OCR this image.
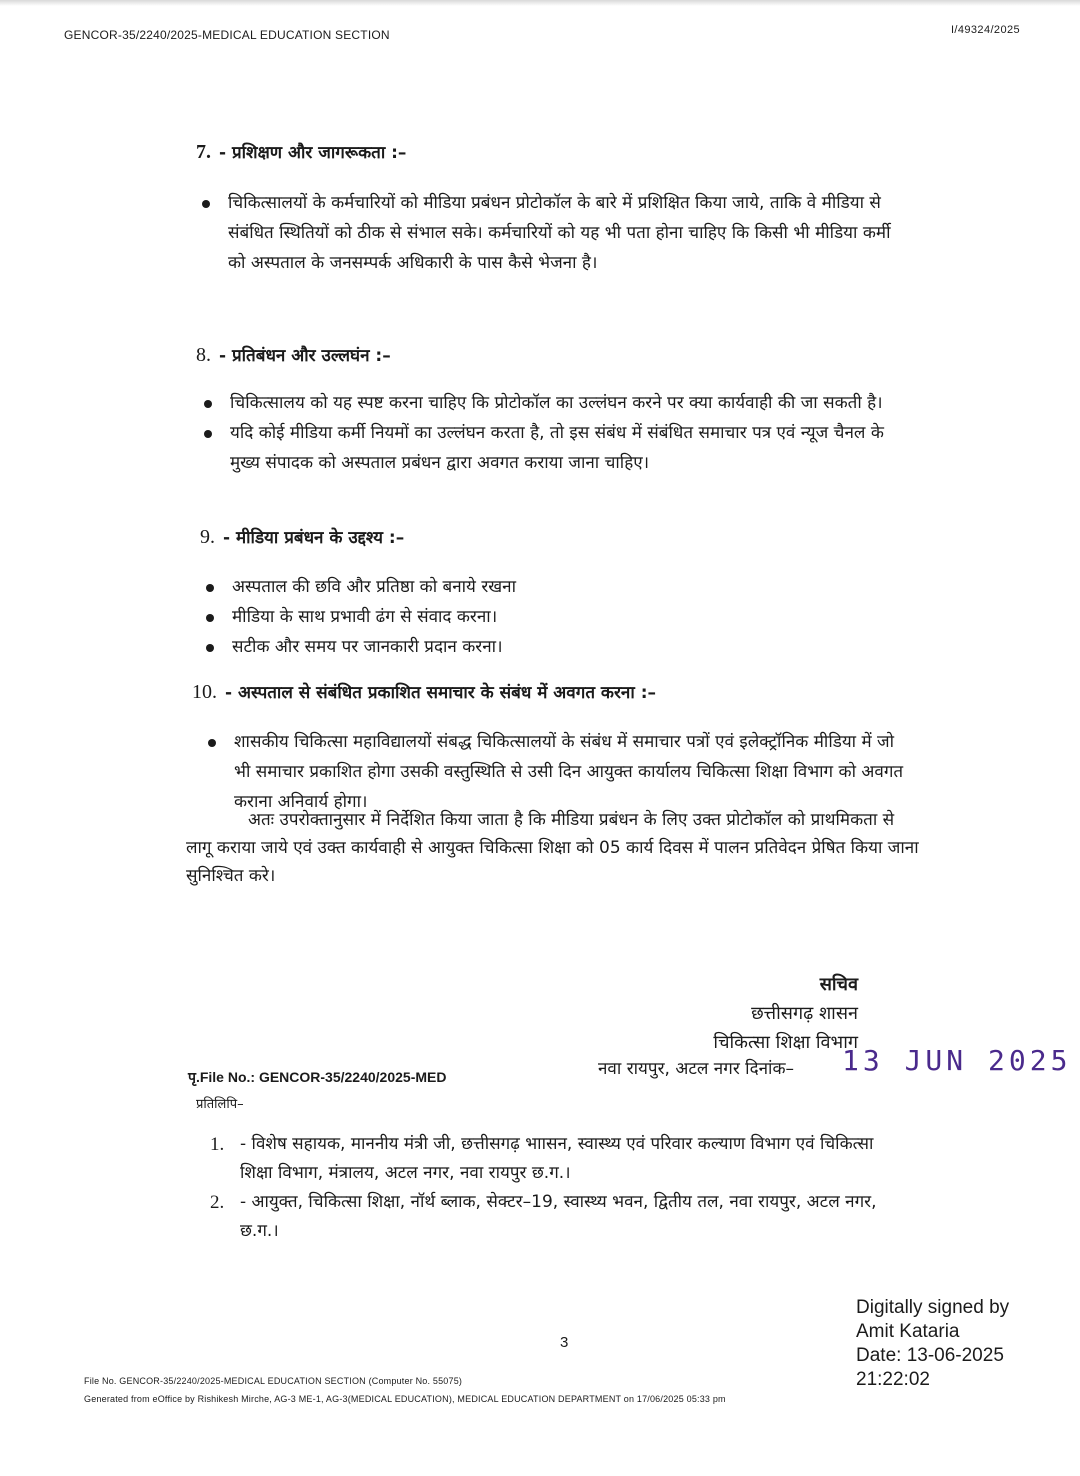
GENCOR-35/2240/2025-MEDICAL EDUCATION SECTION	I/49324/2025
7. - प्रशिक्षण और जागरूकता :–
चिकित्सालयों के कर्मचारियों को मीडिया प्रबंधन प्रोटोकॉल के बारे में प्रशिक्षित किया जाये, ताकि वे मीडिया से संबंधित स्थितियों को ठीक से संभाल सके। कर्मचारियों को यह भी पता होना चाहिए कि किसी भी मीडिया कर्मी को अस्पताल के जनसम्पर्क अधिकारी के पास कैसे भेजना है।
8. - प्रतिबंधन और उल्लघंन :–
चिकित्सालय को यह स्पष्ट करना चाहिए कि प्रोटोकॉल का उल्लंघन करने पर क्या कार्यवाही की जा सकती है।
यदि कोई मीडिया कर्मी नियमों का उल्लंघन करता है, तो इस संबंध में संबंधित समाचार पत्र एवं न्यूज चैनल के मुख्य संपादक को अस्पताल प्रबंधन द्वारा अवगत कराया जाना चाहिए।
9. - मीडिया प्रबंधन के उद्दश्य :–
अस्पताल की छवि और प्रतिष्ठा को बनाये रखना
मीडिया के साथ प्रभावी ढंग से संवाद करना।
सटीक और समय पर जानकारी प्रदान करना।
10. - अस्पताल से संबंधित प्रकाशित समाचार के संबंध में अवगत करना :–
शासकीय चिकित्सा महाविद्यालयों संबद्ध चिकित्सालयों के संबंध में समाचार पत्रों एवं इलेक्ट्रॉनिक मीडिया में जो भी समाचार प्रकाशित होगा उसकी वस्तुस्थिति से उसी दिन आयुक्त कार्यालय चिकित्सा शिक्षा विभाग को अवगत कराना अनिवार्य होगा।
अतः उपरोक्तानुसार में निर्देशित किया जाता है कि मीडिया प्रबंधन के लिए उक्त प्रोटोकॉल को प्राथमिकता से लागू कराया जाये एवं उक्त कार्यवाही से आयुक्त चिकित्सा शिक्षा को 05 कार्य दिवस में पालन प्रतिवेदन प्रेषित किया जाना सुनिश्चित करे।
सचिव
छत्तीसगढ़ शासन
चिकित्सा शिक्षा विभाग
नवा रायपुर, अटल नगर दिनांक– 13 JUN 2025
पृ.File No.: GENCOR-35/2240/2025-MED
प्रतिलिपि–
1. - विशेष सहायक, माननीय मंत्री जी, छत्तीसगढ़ भाासन, स्वास्थ्य एवं परिवार कल्याण विभाग एवं चिकित्सा शिक्षा विभाग, मंत्रालय, अटल नगर, नवा रायपुर छ.ग.।
2. - आयुक्त, चिकित्सा शिक्षा, नॉर्थ ब्लाक, सेक्टर–19, स्वास्थ्य भवन, द्वितीय तल, नवा रायपुर, अटल नगर, छ.ग.।
3
File No. GENCOR-35/2240/2025-MEDICAL EDUCATION SECTION (Computer No. 55075)
Generated from eOffice by Rishikesh Mirche, AG-3 ME-1, AG-3(MEDICAL EDUCATION), MEDICAL EDUCATION DEPARTMENT on 17/06/2025 05:33 pm
Digitally signed by
Amit Kataria
Date: 13-06-2025
21:22:02
